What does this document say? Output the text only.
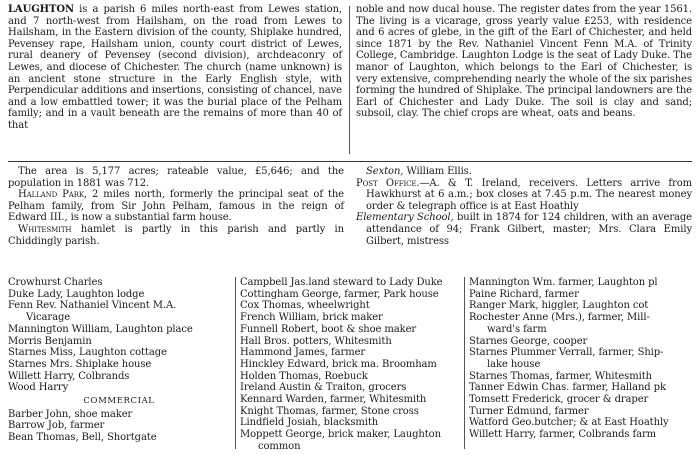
LAUGHTON is a parish 6 miles north-east from Lewes station, and 7 north-west from Hailsham, on the road from Lewes to Hailsham, in the Eastern division of the county, Shiplake hundred, Pevensey rape, Hailsham union, county court district of Lewes, rural deanery of Pevensey (second division), archdeaconry of Lewes, and diocese of Chichester. The church (name unknown) is an ancient stone structure in the Early English style, with Perpendicular additions and insertions, consisting of chancel, nave and a low embattled tower; it was the burial place of the Pelham family; and in a vault beneath are the remains of more than 40 of that

noble and now ducal house. The register dates from the year 1561. The living is a vicarage, gross yearly value £253, with residence and 6 acres of glebe, in the gift of the Earl of Chichester, and held since 1871 by the Rev. Nathaniel Vincent Fenn M.A. of Trinity College, Cambridge. Laughton Lodge is the seat of Lady Duke. The manor of Laughton, which belongs to the Earl of Chichester, is very extensive, comprehending nearly the whole of the six parishes forming the hundred of Shiplake. The principal landowners are the Earl of Chichester and Lady Duke. The soil is clay and sand; subsoil, clay. The chief crops are wheat, oats and beans.

The area is 5,177 acres; rateable value, £5,646; and the population in 1881 was 712.

Halland Park, 2 miles north, formerly the principal seat of the Pelham family, from Sir John Pelham, famous in the reign of Edward III., is now a substantial farm house.

Whitesmith hamlet is partly in this parish and partly in Chiddingly parish.

Sexton, William Ellis.

Post Office.—A. & T. Ireland, receivers. Letters arrive from Hawkhurst at 6 a.m.; box closes at 7.45 p.m. The nearest money order & telegraph office is at East Hoathly

Elementary School, built in 1874 for 124 children, with an average attendance of 94; Frank Gilbert, master; Mrs. Clara Emily Gilbert, mistress

Crowhurst Charles
Duke Lady, Laughton lodge
Fenn Rev. Nathaniel Vincent M.A.
Vicarage
Mannington William, Laughton place
Morris Benjamin
Starnes Miss, Laughton cottage
Starnes Mrs. Shiplake house
Willett Harry, Colbrands
Wood Harry
COMMERCIAL
Barber John, shoe maker
Barrow Job, farmer
Bean Thomas, Bell, Shortgate
Campbell Jas.land steward to Lady Duke
Cottingham George, farmer, Park house
Cox Thomas, wheelwright
French William, brick maker
Funnell Robert, boot & shoe maker
Hall Bros. potters, Whitesmith
Hammond James, farmer
Hinckley Edward, brick ma. Broomham
Holden Thomas, Roebuck
Ireland Austin & Traiton, grocers
Kennard Warden, farmer, Whitesmith
Knight Thomas, farmer, Stone cross
Lindfield Josiah, blacksmith
Moppett George, brick maker, Laughton
common
Mannington Wm. farmer, Laughton pl
Paine Richard, farmer
Ranger Mark, higgler, Laughton cot
Rochester Anne (Mrs.), farmer, Mill-
ward's farm
Starnes George, cooper
Starnes Plummer Verrall, farmer, Ship-
lake house
Starnes Thomas, farmer, Whitesmith
Tanner Edwin Chas. farmer, Halland pk
Tomsett Frederick, grocer & draper
Turner Edmund, farmer
Watford Geo.butcher; & at East Hoathly
Willett Harry, farmer, Colbrands farm
